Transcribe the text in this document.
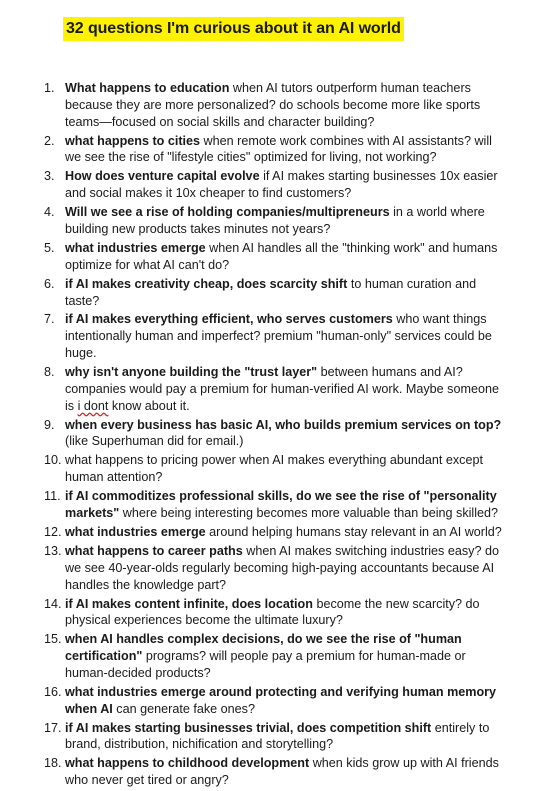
32 questions I'm curious about it an AI world
1. What happens to education when AI tutors outperform human teachers because they are more personalized? do schools become more like sports teams—focused on social skills and character building?
2. what happens to cities when remote work combines with AI assistants? will we see the rise of "lifestyle cities" optimized for living, not working?
3. How does venture capital evolve if AI makes starting businesses 10x easier and social makes it 10x cheaper to find customers?
4. Will we see a rise of holding companies/multipreneurs in a world where building new products takes minutes not years?
5. what industries emerge when AI handles all the "thinking work" and humans optimize for what AI can't do?
6. if AI makes creativity cheap, does scarcity shift to human curation and taste?
7. if AI makes everything efficient, who serves customers who want things intentionally human and imperfect? premium "human-only" services could be huge.
8. why isn't anyone building the "trust layer" between humans and AI? companies would pay a premium for human-verified AI work. Maybe someone is i dont know about it.
9. when every business has basic AI, who builds premium services on top? (like Superhuman did for email.)
10. what happens to pricing power when AI makes everything abundant except human attention?
11. if AI commoditizes professional skills, do we see the rise of "personality markets" where being interesting becomes more valuable than being skilled?
12. what industries emerge around helping humans stay relevant in an AI world?
13. what happens to career paths when AI makes switching industries easy? do we see 40-year-olds regularly becoming high-paying accountants because AI handles the knowledge part?
14. if AI makes content infinite, does location become the new scarcity? do physical experiences become the ultimate luxury?
15. when AI handles complex decisions, do we see the rise of "human certification" programs? will people pay a premium for human-made or human-decided products?
16. what industries emerge around protecting and verifying human memory when AI can generate fake ones?
17. if AI makes starting businesses trivial, does competition shift entirely to brand, distribution, nichification and storytelling?
18. what happens to childhood development when kids grow up with AI friends who never get tired or angry?
